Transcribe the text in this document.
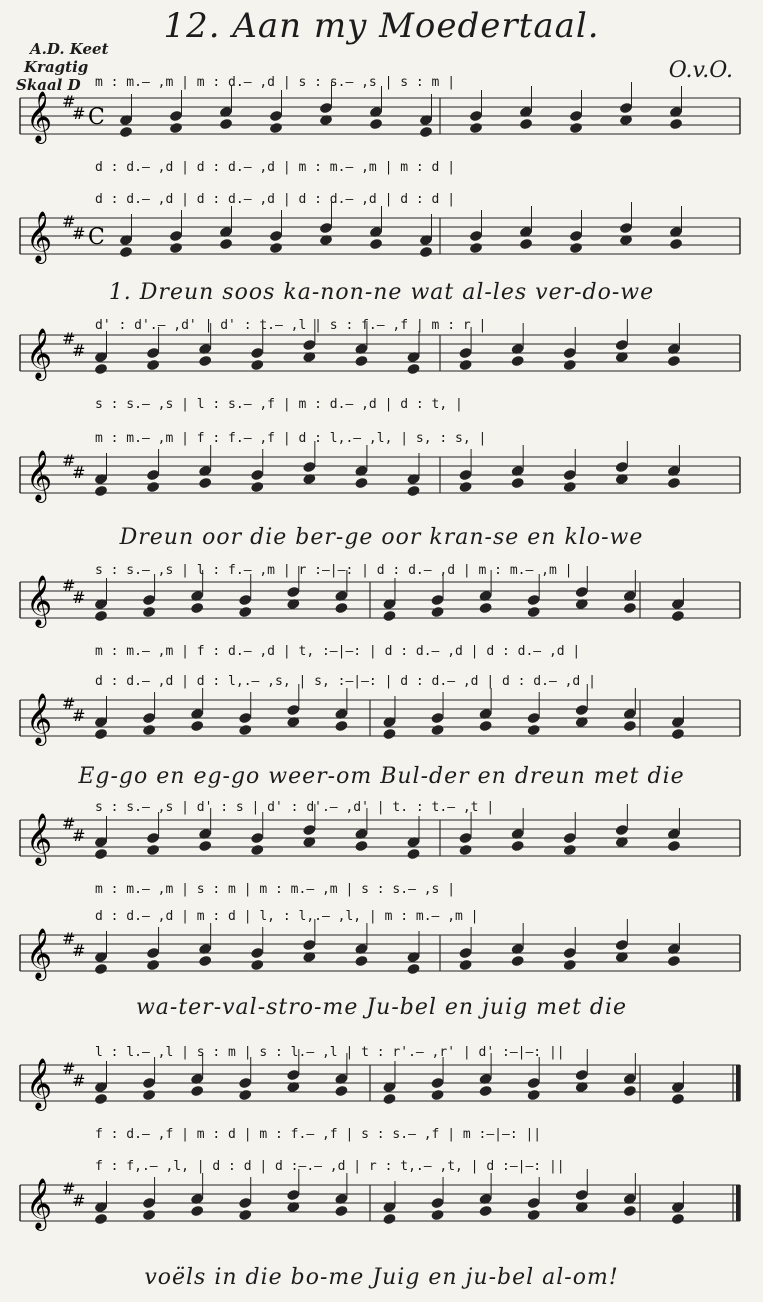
12. Aan my Moedertaal.
A.D. Keet
Kragtig
Skaal D
O.v.O.
𝄞 #
# C
𝄞 #
# C
𝄞 #
#
𝄞 #
#
𝄞 #
#
𝄞 #
#
𝄞 #
#
𝄞 #
#
𝄞 #
#
𝄞 #
#
m : m.— ,m | m : d.— ,d | s : s.— ,s | s : m |
d : d.— ,d | d : d.— ,d | m : m.— ,m | m : d |
d : d.— ,d | d : d.— ,d | d : d.— ,d | d : d |
1. Dreun soos ka-non-ne wat al-les ver-do-we
d' : d'.— ,d' | d' : t.— ,l | s : f.— ,f | m : r |
s : s.— ,s | l : s.— ,f | m : d.— ,d | d : t, |
m : m.— ,m | f : f.— ,f | d : l,.— ,l, | s, : s, |
Dreun oor die ber-ge oor kran-se en klo-we
s : s.— ,s | l : f.— ,m | r :—|—: | d : d.— ,d | m : m.— ,m |
m : m.— ,m | f : d.— ,d | t, :—|—: | d : d.— ,d | d : d.— ,d |
d : d.— ,d | d : l,.— ,s, | s, :—|—: | d : d.— ,d | d : d.— ,d |
Eg-go en eg-go weer-om Bul-der en dreun met die
s : s.— ,s | d' : s | d' : d'.— ,d' | t. : t.— ,t |
m : m.— ,m | s : m | m : m.— ,m | s : s.— ,s |
d : d.— ,d | m : d | l, : l,.— ,l, | m : m.— ,m |
wa-ter-val-stro-me Ju-bel en juig met die
l : l.— ,l | s : m | s : l.— ,l | t : r'.— ,r' | d' :—|—: ||
f : d.— ,f | m : d | m : f.— ,f | s : s.— ,f | m :—|—: ||
f : f,.— ,l, | d : d | d :—.— ,d | r : t,.— ,t, | d :—|—: ||
voëls in die bo-me Juig en ju-bel al-om!
